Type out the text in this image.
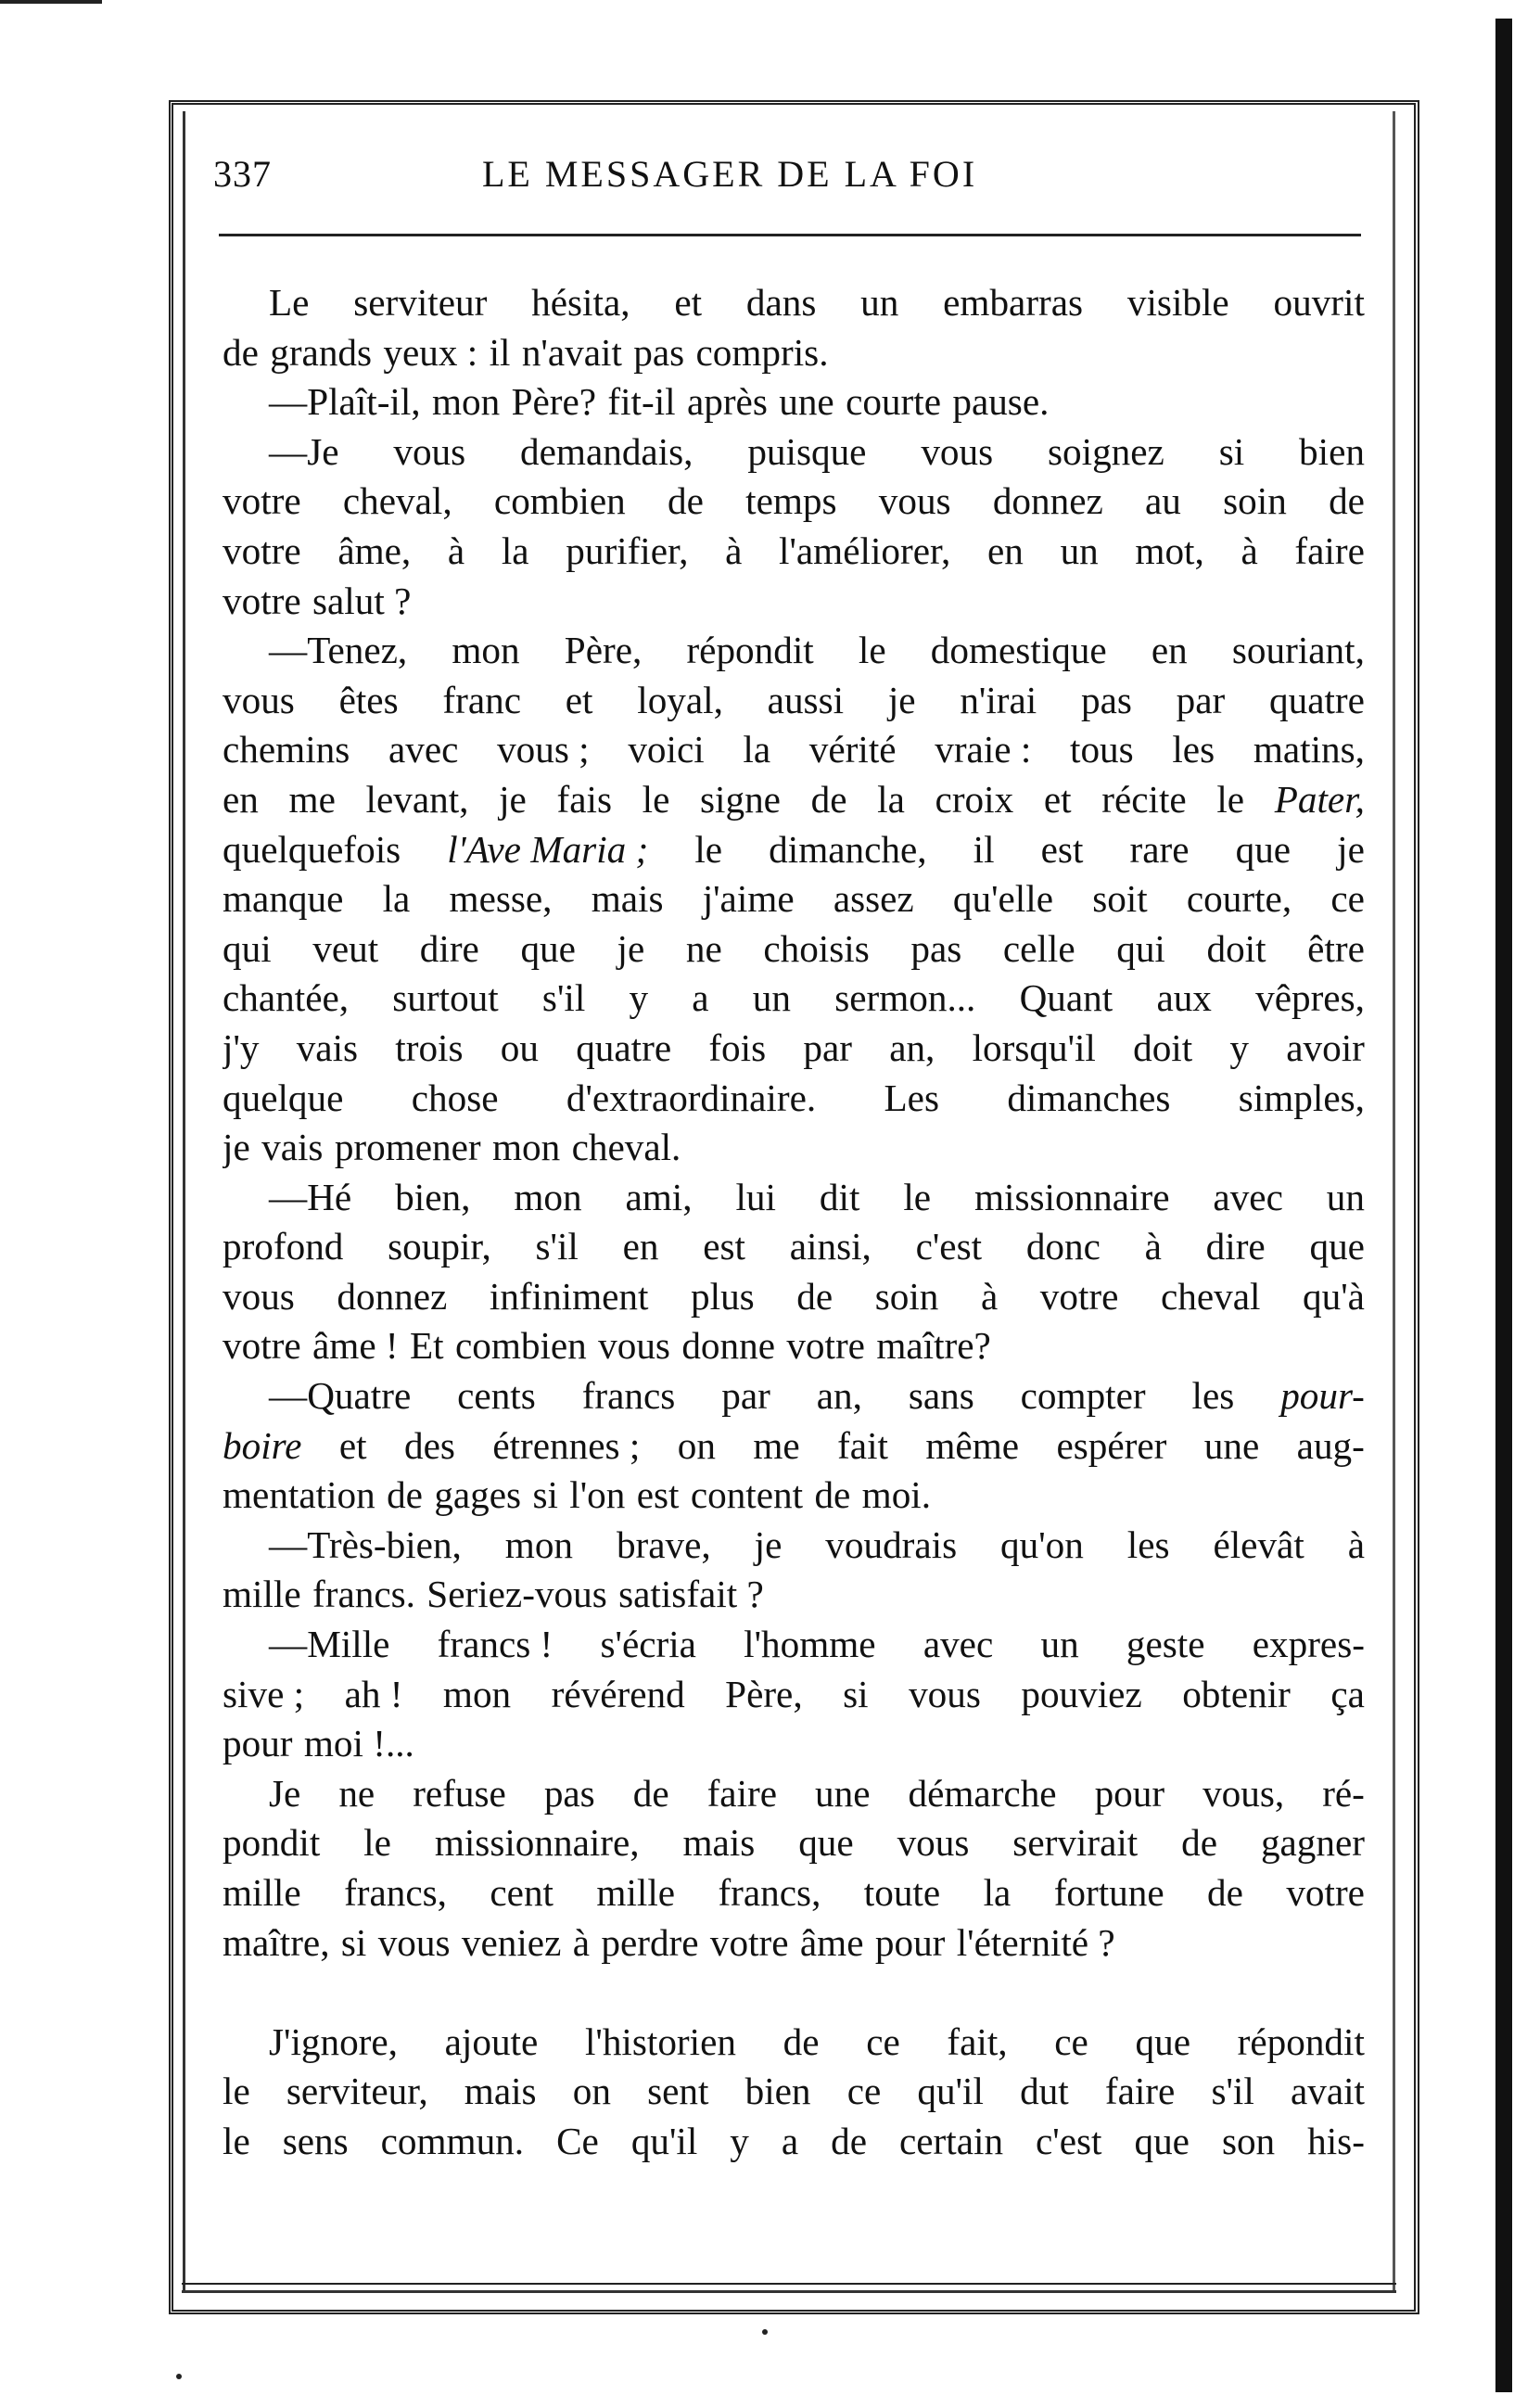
337	LE MESSAGER DE LA FOI
Le serviteur hésita, et dans un embarras visible ouvrit
de grands yeux : il n'avait pas compris.
—Plaît-il, mon Père? fit-il après une courte pause.
—Je vous demandais, puisque vous soignez si bien
votre cheval, combien de temps vous donnez au soin de
votre âme, à la purifier, à l'améliorer, en un mot, à faire
votre salut ?
—Tenez, mon Père, répondit le domestique en souriant,
vous êtes franc et loyal, aussi je n'irai pas par quatre
chemins avec vous ; voici la vérité vraie : tous les matins,
en me levant, je fais le signe de la croix et récite le Pater,
quelquefois l'Ave Maria ; le dimanche, il est rare que je
manque la messe, mais j'aime assez qu'elle soit courte, ce
qui veut dire que je ne choisis pas celle qui doit être
chantée, surtout s'il y a un sermon... Quant aux vêpres,
j'y vais trois ou quatre fois par an, lorsqu'il doit y avoir
quelque chose d'extraordinaire. Les dimanches simples,
je vais promener mon cheval.
—Hé bien, mon ami, lui dit le missionnaire avec un
profond soupir, s'il en est ainsi, c'est donc à dire que
vous donnez infiniment plus de soin à votre cheval qu'à
votre âme ! Et combien vous donne votre maître?
—Quatre cents francs par an, sans compter les pour-
boire et des étrennes ; on me fait même espérer une aug-
mentation de gages si l'on est content de moi.
—Très-bien, mon brave, je voudrais qu'on les élevât à
mille francs. Seriez-vous satisfait ?
—Mille francs ! s'écria l'homme avec un geste expres-
sive ; ah ! mon révérend Père, si vous pouviez obtenir ça
pour moi !...
Je ne refuse pas de faire une démarche pour vous, ré-
pondit le missionnaire, mais que vous servirait de gagner
mille francs, cent mille francs, toute la fortune de votre
maître, si vous veniez à perdre votre âme pour l'éternité ?
J'ignore, ajoute l'historien de ce fait, ce que répondit
le serviteur, mais on sent bien ce qu'il dut faire s'il avait
le sens commun. Ce qu'il y a de certain c'est que son his-
